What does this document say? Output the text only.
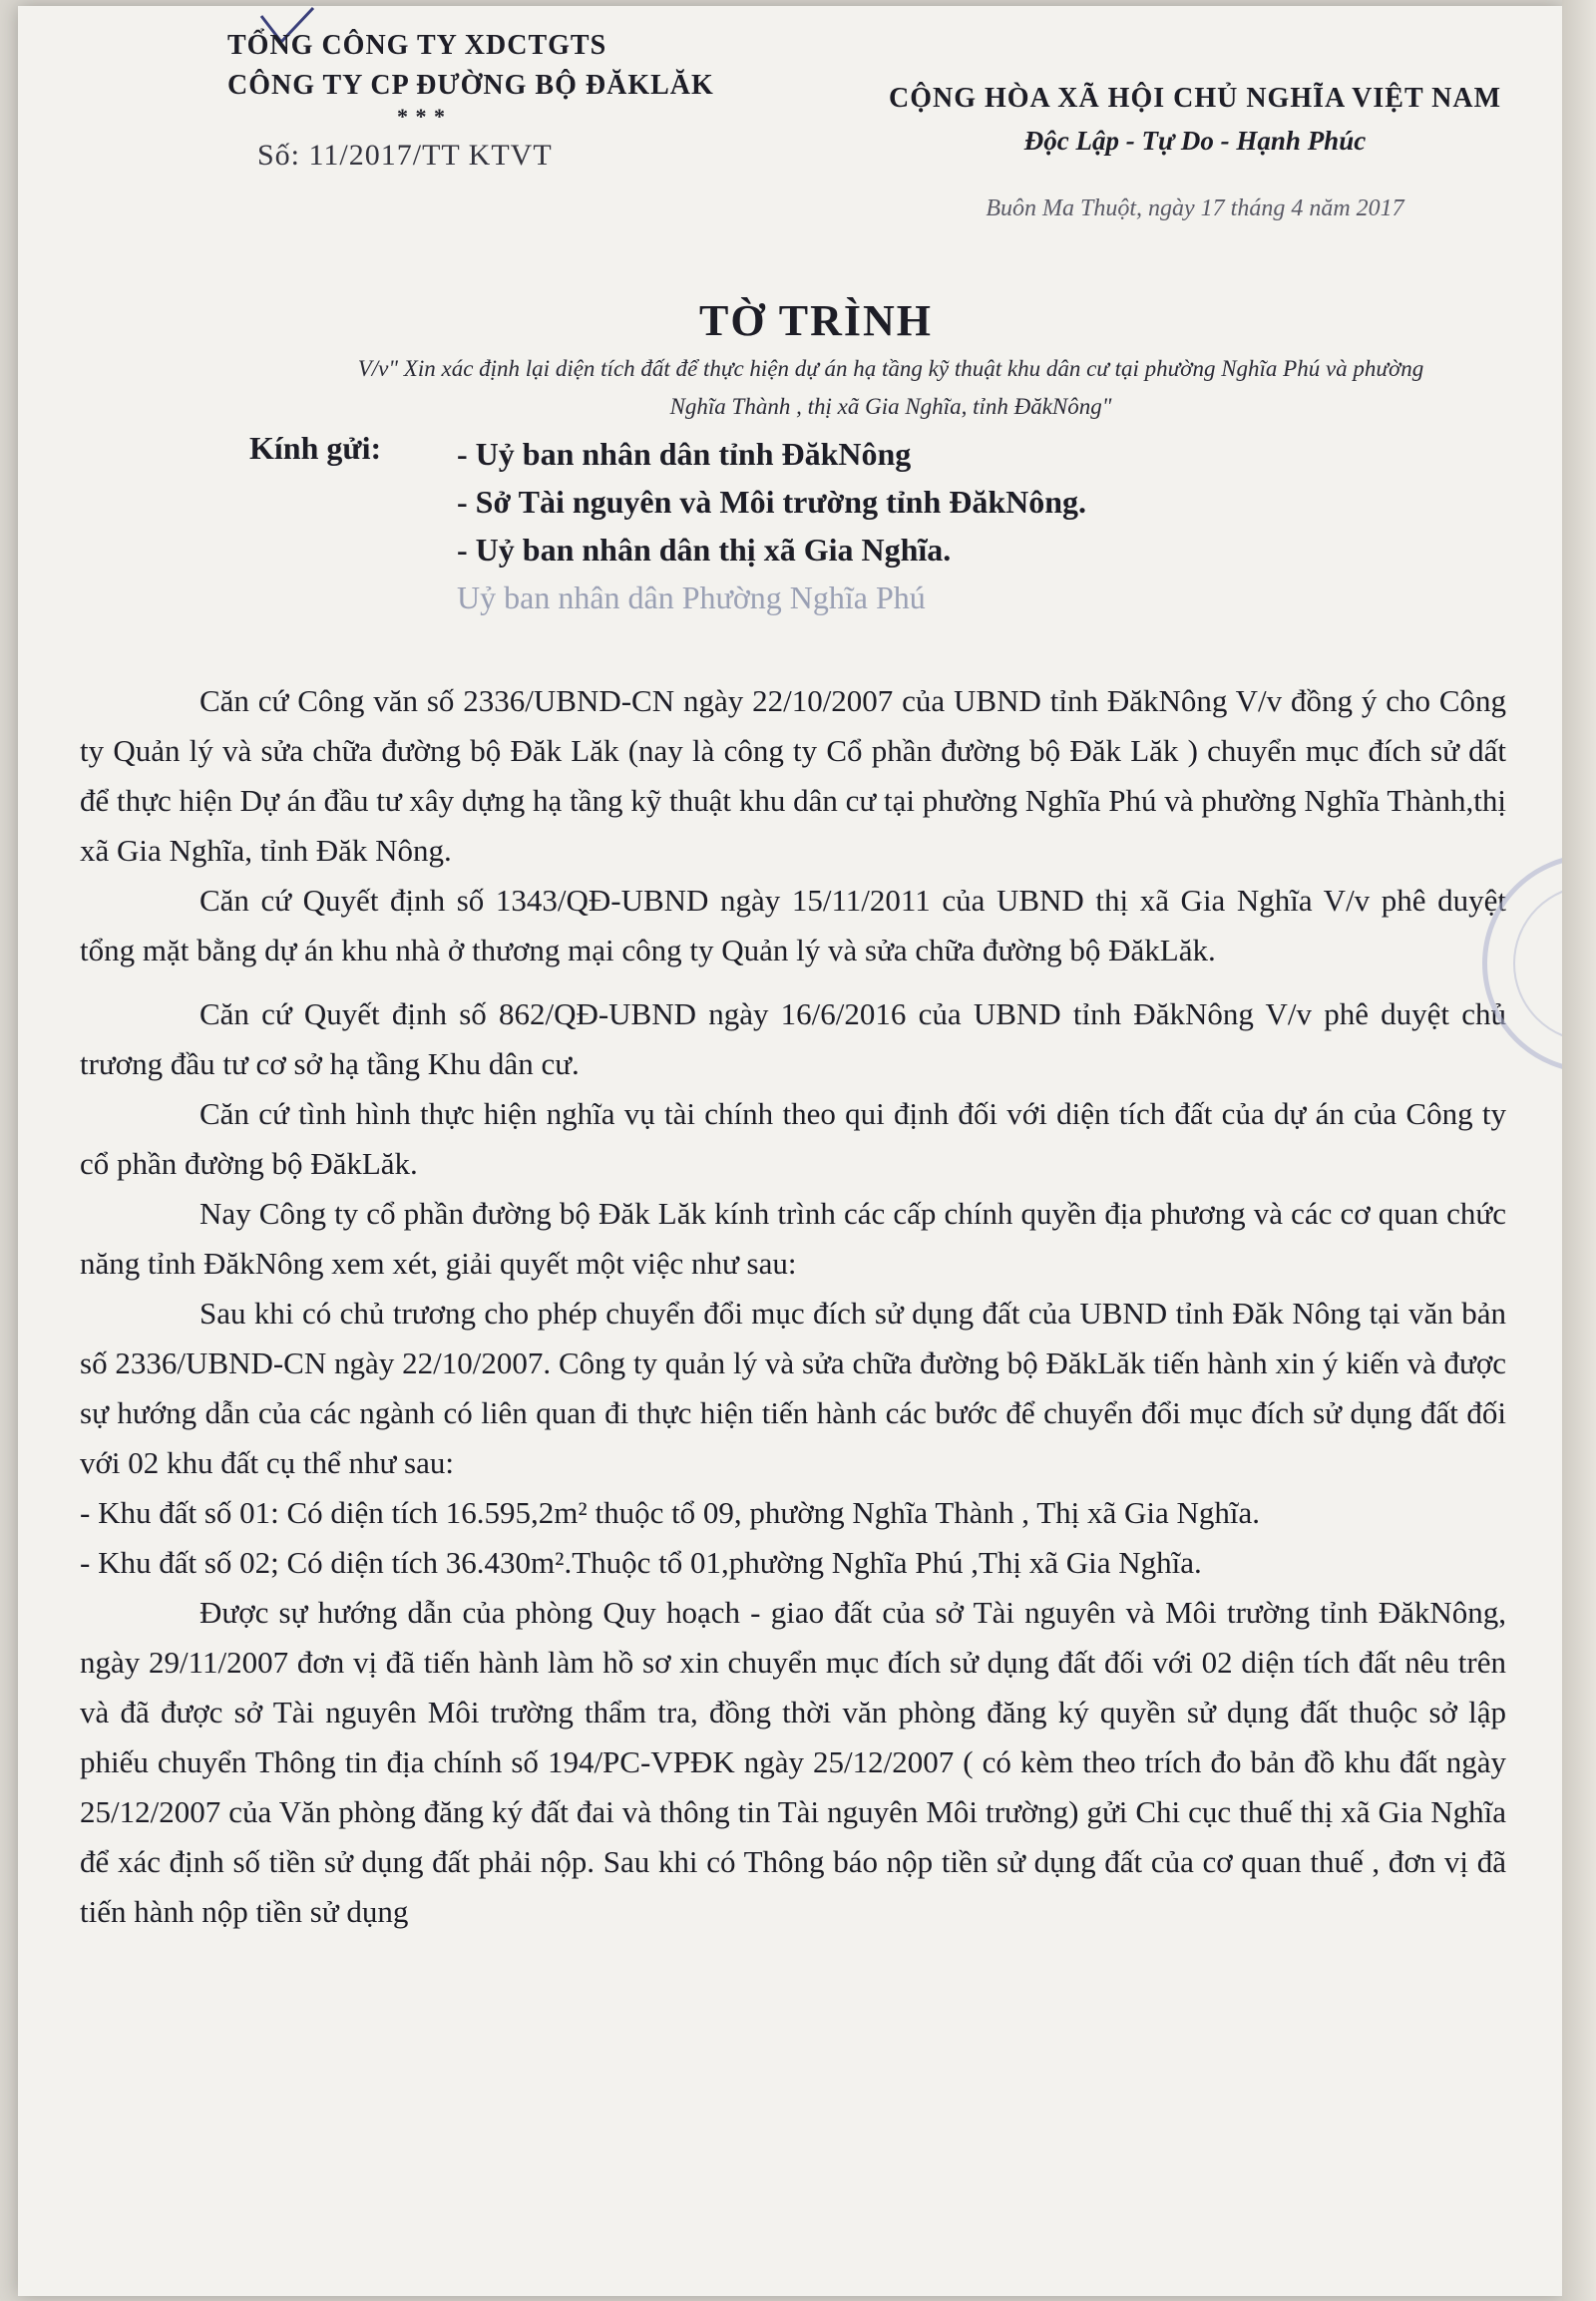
TỔNG CÔNG TY XDCTGTS
CÔNG TY CP ĐƯỜNG BỘ ĐĂKLĂK
* * *
Số: 11/2017/TT KTVT
CỘNG HÒA XÃ HỘI CHỦ NGHĨA VIỆT NAM
Độc Lập - Tự Do - Hạnh Phúc
Buôn Ma Thuột, ngày 17 tháng 4 năm 2017
TỜ TRÌNH
V/v" Xin xác định lại diện tích đất để thực hiện dự án hạ tầng kỹ thuật khu dân cư tại phường Nghĩa Phú và phường Nghĩa Thành , thị xã Gia Nghĩa, tỉnh ĐăkNông"
Kính gửi: - Uỷ ban nhân dân tỉnh ĐăkNông
- Sở Tài nguyên và Môi trường tỉnh ĐăkNông.
- Uỷ ban nhân dân thị xã Gia Nghĩa.
Uỷ ban nhân dân Phường Nghĩa Phú

Căn cứ Công văn số 2336/UBND-CN ngày 22/10/2007 của UBND tỉnh ĐăkNông V/v đồng ý cho Công ty Quản lý và sửa chữa đường bộ Đăk Lăk (nay là công ty Cổ phần đường bộ Đăk Lăk ) chuyển mục đích sử dất để thực hiện Dự án đầu tư xây dựng hạ tầng kỹ thuật khu dân cư tại phường Nghĩa Phú và phường Nghĩa Thành,thị xã Gia Nghĩa, tỉnh Đăk Nông.

Căn cứ Quyết định số 1343/QĐ-UBND ngày 15/11/2011 của UBND thị xã Gia Nghĩa V/v phê duyệt tổng mặt bằng dự án khu nhà ở thương mại công ty Quản lý và sửa chữa đường bộ ĐăkLăk.

Căn cứ Quyết định số 862/QĐ-UBND ngày 16/6/2016 của UBND tỉnh ĐăkNông V/v phê duyệt chủ trương đầu tư cơ sở hạ tầng Khu dân cư.

Căn cứ tình hình thực hiện nghĩa vụ tài chính theo qui định đối với diện tích đất của dự án của Công ty cổ phần đường bộ ĐăkLăk.

Nay Công ty cổ phần đường bộ Đăk Lăk kính trình các cấp chính quyền địa phương và các cơ quan chức năng tỉnh ĐăkNông xem xét, giải quyết một việc như sau:

Sau khi có chủ trương cho phép chuyển đổi mục đích sử dụng đất của UBND tỉnh Đăk Nông tại văn bản số 2336/UBND-CN ngày 22/10/2007. Công ty quản lý và sửa chữa đường bộ ĐăkLăk tiến hành xin ý kiến và được sự hướng dẫn của các ngành có liên quan đi thực hiện tiến hành các bước để chuyển đổi mục đích sử dụng đất đối với 02 khu đất cụ thể như sau:

- Khu đất số 01: Có diện tích 16.595,2m² thuộc tổ 09, phường Nghĩa Thành , Thị xã Gia Nghĩa.

- Khu đất số 02; Có diện tích 36.430m².Thuộc tổ 01,phường Nghĩa Phú ,Thị xã Gia Nghĩa.

Được sự hướng dẫn của phòng Quy hoạch - giao đất của sở Tài nguyên và Môi trường tỉnh ĐăkNông, ngày 29/11/2007 đơn vị đã tiến hành làm hồ sơ xin chuyển mục đích sử dụng đất đối với 02 diện tích đất nêu trên và đã được sở Tài nguyên Môi trường thẩm tra, đồng thời văn phòng đăng ký quyền sử dụng đất thuộc sở lập phiếu chuyển Thông tin địa chính số 194/PC-VPĐK ngày 25/12/2007 ( có kèm theo trích đo bản đồ khu đất ngày 25/12/2007 của Văn phòng đăng ký đất đai và thông tin Tài nguyên Môi trường) gửi Chi cục thuế thị xã Gia Nghĩa để xác định số tiền sử dụng đất phải nộp. Sau khi có Thông báo nộp tiền sử dụng đất của cơ quan thuế , đơn vị đã tiến hành nộp tiền sử dụng
